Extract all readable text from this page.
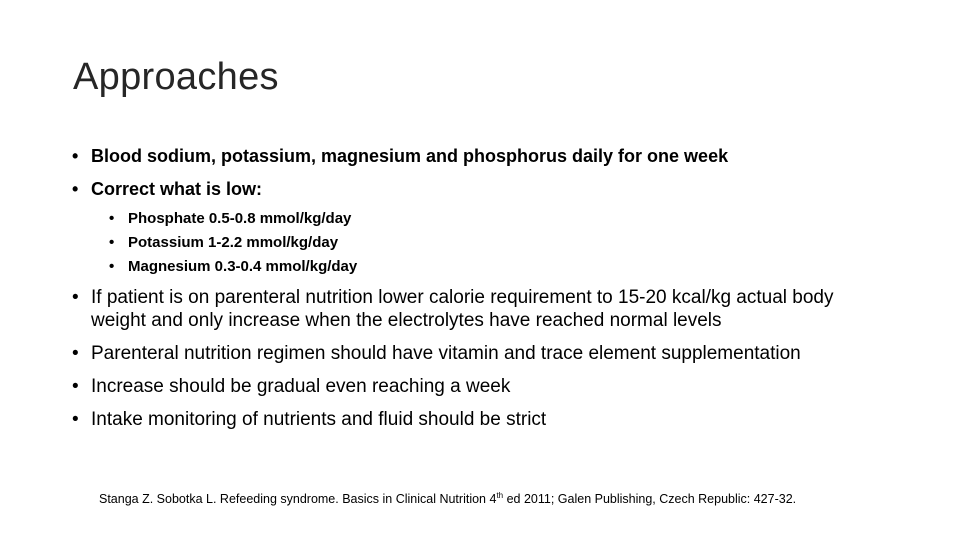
Approaches
• Blood sodium, potassium, magnesium and phosphorus daily for one week
• Correct what is low:
• Phosphate 0.5-0.8 mmol/kg/day
• Potassium 1-2.2 mmol/kg/day
• Magnesium 0.3-0.4 mmol/kg/day
• If patient is on parenteral nutrition lower calorie requirement to 15-20 kcal/kg actual body weight and only increase when the electrolytes have reached normal levels
• Parenteral nutrition regimen should have vitamin and trace element supplementation
• Increase should be gradual even reaching a week
• Intake monitoring of nutrients and fluid should be strict
Stanga Z. Sobotka L. Refeeding syndrome. Basics in Clinical Nutrition 4th ed 2011; Galen Publishing, Czech Republic: 427-32.
